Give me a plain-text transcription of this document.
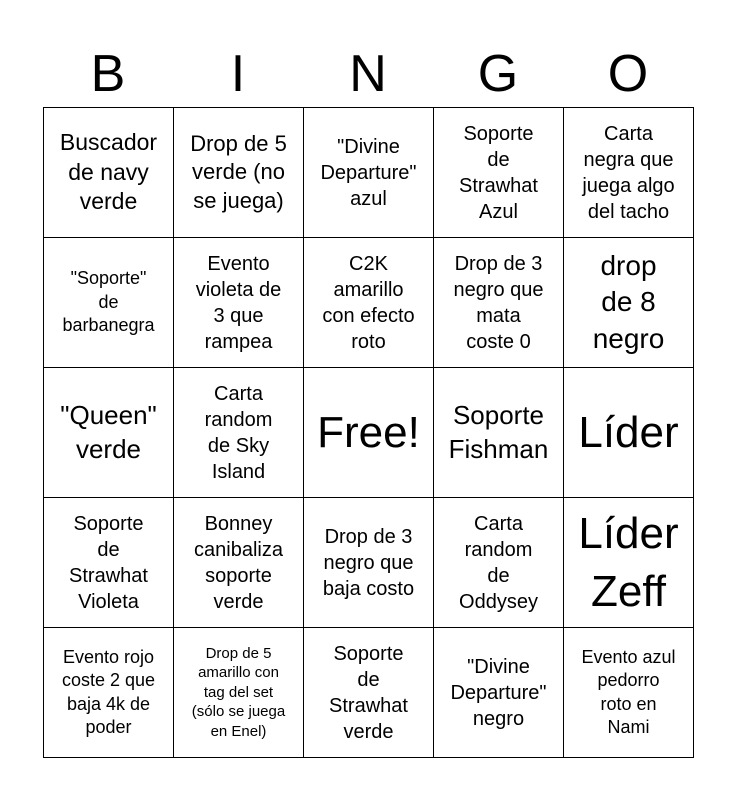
B	I	N	G	O
Buscador
de navy
verde	Drop de 5
verde (no
se juega)	"Divine
Departure"
azul	Soporte
de
Strawhat
Azul	Carta
negra que
juega algo
del tacho

"Soporte"
de
barbanegra	Evento
violeta de
3 que
rampea	C2K
amarillo
con efecto
roto	Drop de 3
negro que
mata
coste 0	drop
de 8
negro

"Queen"
verde	Carta
random
de Sky
Island	Free!	Soporte
Fishman	Líder

Soporte
de
Strawhat
Violeta	Bonney
canibaliza
soporte
verde	Drop de 3
negro que
baja costo	Carta
random
de
Oddysey	Líder
Zeff

Evento rojo
coste 2 que
baja 4k de
poder	Drop de 5
amarillo con
tag del set
(sólo se juega
en Enel)	Soporte
de
Strawhat
verde	"Divine
Departure"
negro	Evento azul
pedorro
roto en
Nami
